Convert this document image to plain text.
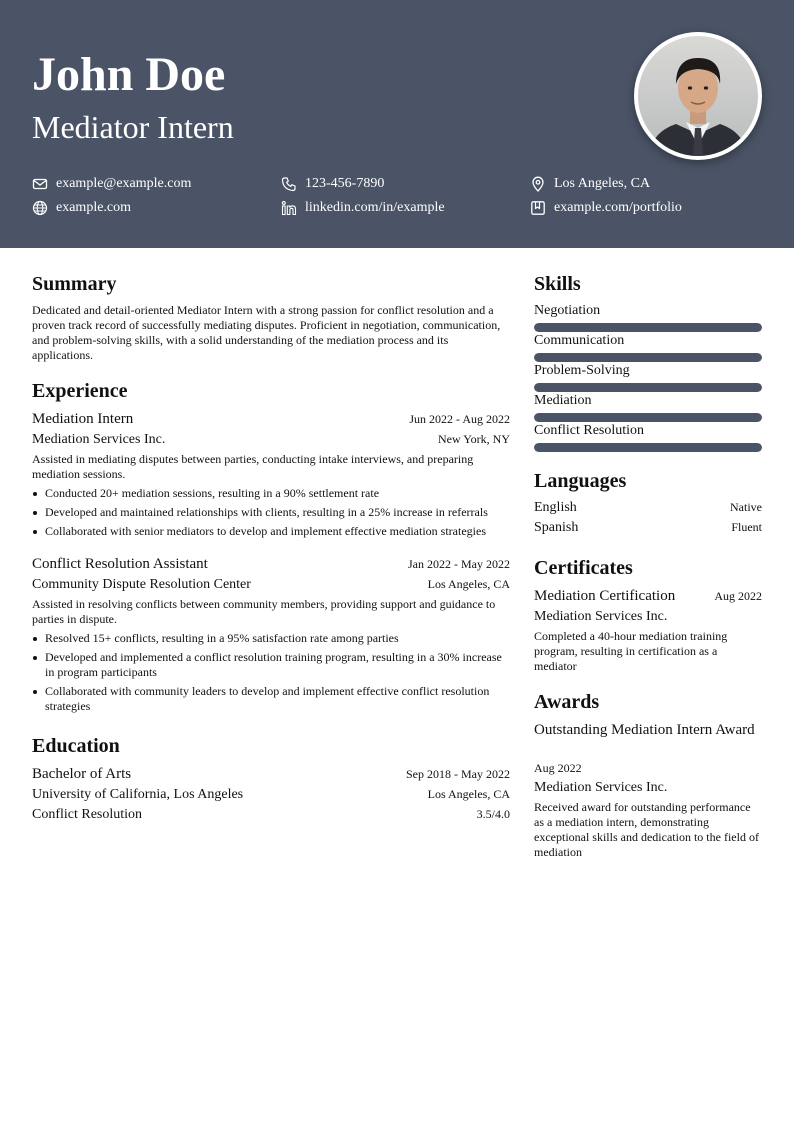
John Doe
Mediator Intern
example@example.com	123-456-7890	Los Angeles, CA
example.com	linkedin.com/in/example	example.com/portfolio
Summary

Dedicated and detail-oriented Mediator Intern with a strong passion for conflict resolution and a proven track record of successfully mediating disputes. Proficient in negotiation, communication, and problem-solving skills, with a solid understanding of the mediation process and its applications.

Experience
Mediation Intern	Jun 2022 - Aug 2022
Mediation Services Inc.	New York, NY

Assisted in mediating disputes between parties, conducting intake interviews, and preparing mediation sessions.

Conducted 20+ mediation sessions, resulting in a 90% settlement rate
Developed and maintained relationships with clients, resulting in a 25% increase in referrals
Collaborated with senior mediators to develop and implement effective mediation strategies
Conflict Resolution Assistant	Jan 2022 - May 2022
Community Dispute Resolution Center	Los Angeles, CA

Assisted in resolving conflicts between community members, providing support and guidance to parties in dispute.

Resolved 15+ conflicts, resulting in a 95% satisfaction rate among parties
Developed and implemented a conflict resolution training program, resulting in a 30% increase in program participants
Collaborated with community leaders to develop and implement effective conflict resolution strategies
Education
Bachelor of Arts	Sep 2018 - May 2022
University of California, Los Angeles	Los Angeles, CA
Conflict Resolution	3.5/4.0
Skills
Negotiation
Communication
Problem-Solving
Mediation
Conflict Resolution
Languages
English	Native
Spanish	Fluent
Certificates
Mediation Certification	Aug 2022
Mediation Services Inc.

Completed a 40-hour mediation training program, resulting in certification as a mediator

Awards

Outstanding Mediation Intern Award

Aug 2022

Mediation Services Inc.

Received award for outstanding performance as a mediation intern, demonstrating exceptional skills and dedication to the field of mediation
